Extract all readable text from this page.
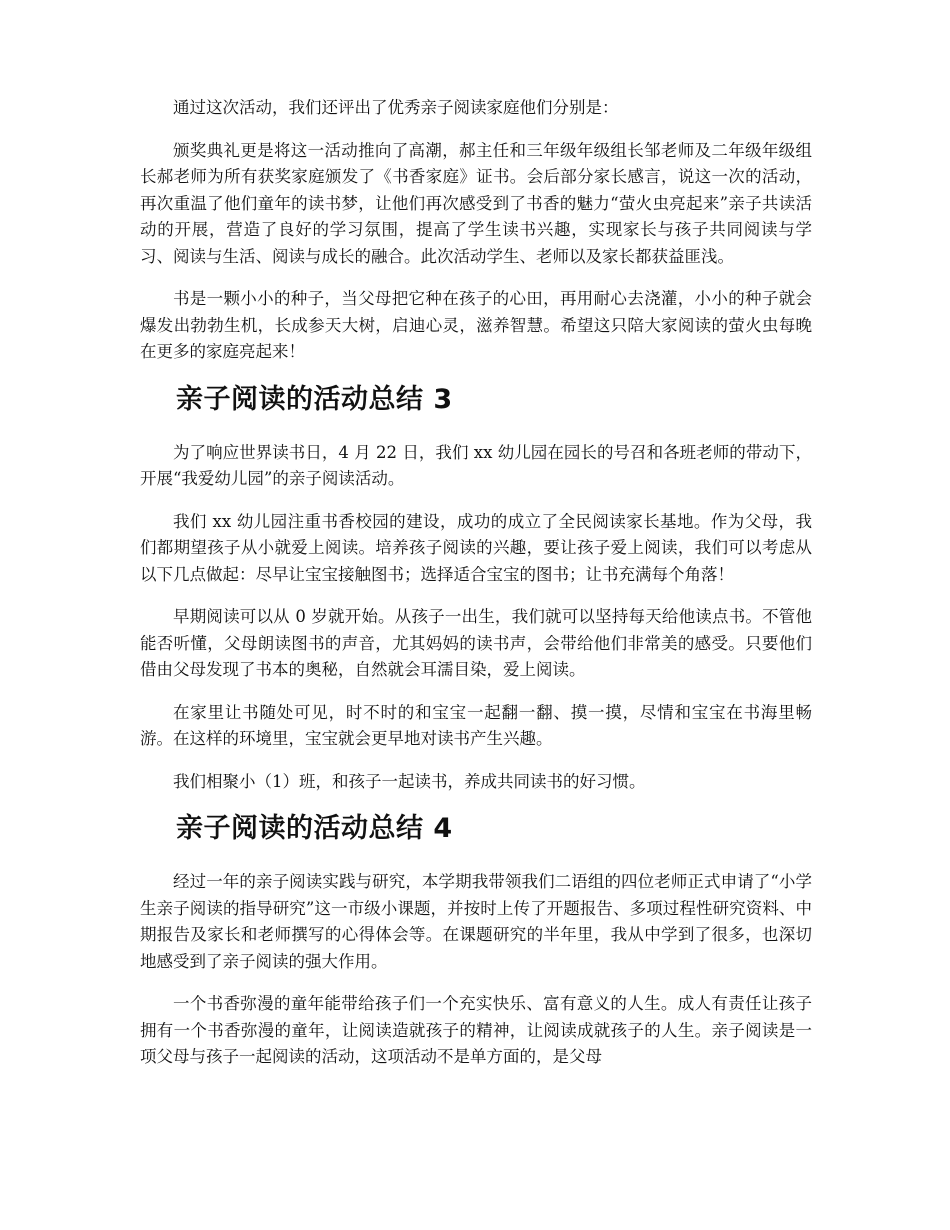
通过这次活动，我们还评出了优秀亲子阅读家庭他们分别是：

颁奖典礼更是将这一活动推向了高潮，郝主任和三年级年级组长邹老师及二年级年级组长郝老师为所有获奖家庭颁发了《书香家庭》证书。会后部分家长感言，说这一次的活动，再次重温了他们童年的读书梦，让他们再次感受到了书香的魅力“萤火虫亮起来”亲子共读活动的开展，营造了良好的学习氛围，提高了学生读书兴趣，实现家长与孩子共同阅读与学习、阅读与生活、阅读与成长的融合。此次活动学生、老师以及家长都获益匪浅。

书是一颗小小的种子，当父母把它种在孩子的心田，再用耐心去浇灌，小小的种子就会爆发出勃勃生机，长成参天大树，启迪心灵，滋养智慧。希望这只陪大家阅读的萤火虫每晚在更多的家庭亮起来！

亲子阅读的活动总结 3

为了响应世界读书日，4 月 22 日，我们 xx 幼儿园在园长的号召和各班老师的带动下，开展“我爱幼儿园”的亲子阅读活动。

我们 xx 幼儿园注重书香校园的建设，成功的成立了全民阅读家长基地。作为父母，我们都期望孩子从小就爱上阅读。培养孩子阅读的兴趣，要让孩子爱上阅读，我们可以考虑从以下几点做起：尽早让宝宝接触图书；选择适合宝宝的图书；让书充满每个角落！

早期阅读可以从 0 岁就开始。从孩子一出生，我们就可以坚持每天给他读点书。不管他能否听懂，父母朗读图书的声音，尤其妈妈的读书声，会带给他们非常美的感受。只要他们借由父母发现了书本的奥秘，自然就会耳濡目染，爱上阅读。

在家里让书随处可见，时不时的和宝宝一起翻一翻、摸一摸，尽情和宝宝在书海里畅游。在这样的环境里，宝宝就会更早地对读书产生兴趣。

我们相聚小（1）班，和孩子一起读书，养成共同读书的好习惯。

亲子阅读的活动总结 4

经过一年的亲子阅读实践与研究，本学期我带领我们二语组的四位老师正式申请了“小学生亲子阅读的指导研究”这一市级小课题，并按时上传了开题报告、多项过程性研究资料、中期报告及家长和老师撰写的心得体会等。在课题研究的半年里，我从中学到了很多，也深切地感受到了亲子阅读的强大作用。

一个书香弥漫的童年能带给孩子们一个充实快乐、富有意义的人生。成人有责任让孩子拥有一个书香弥漫的童年，让阅读造就孩子的精神，让阅读成就孩子的人生。亲子阅读是一项父母与孩子一起阅读的活动，这项活动不是单方面的，是父母
